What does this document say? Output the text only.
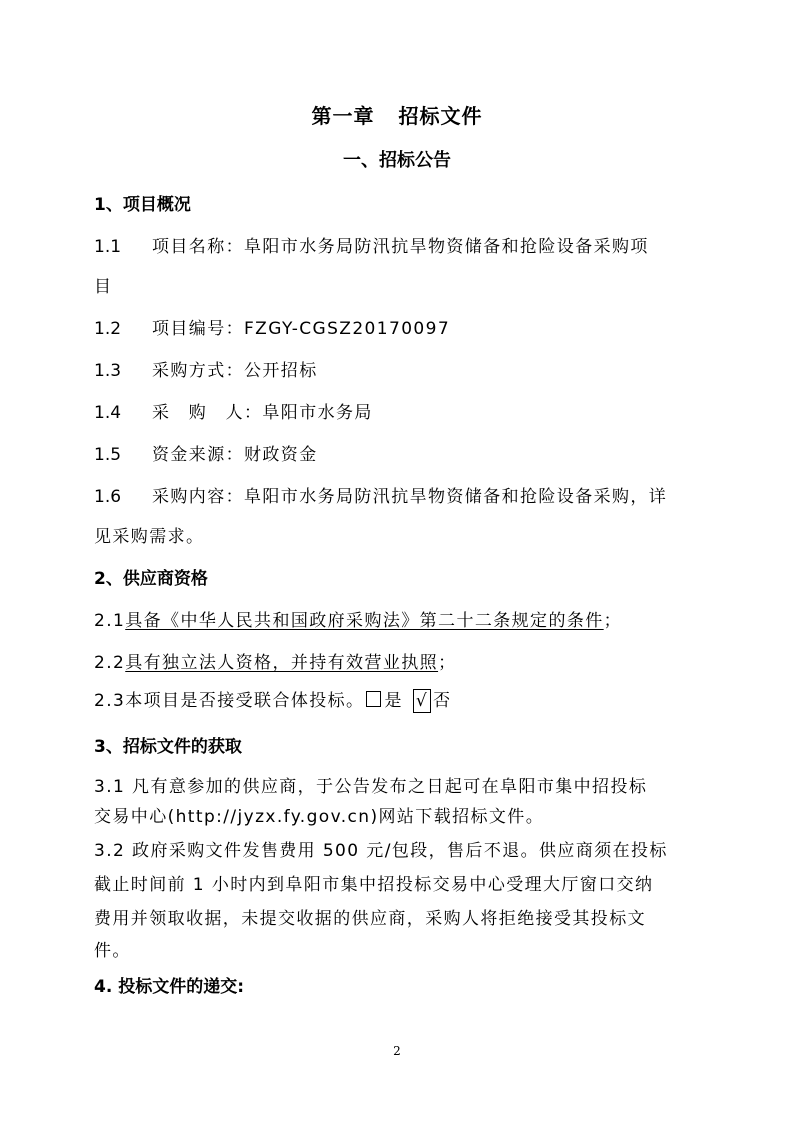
第一章 招标文件
一、招标公告
1、项目概况
1.1 项目名称：阜阳市水务局防汛抗旱物资储备和抢险设备采购项
目
1.2 项目编号：FZGY-CGSZ20170097
1.3 采购方式：公开招标
1.4 采　购　人：阜阳市水务局
1.5 资金来源：财政资金
1.6 采购内容：阜阳市水务局防汛抗旱物资储备和抢险设备采购，详
见采购需求。
2、供应商资格
2.1具备《中华人民共和国政府采购法》第二十二条规定的条件；
2.2具有独立法人资格，并持有效营业执照；
2.3本项目是否接受联合体投标。 是 √ 否
3、招标文件的获取
3.1 凡有意参加的供应商，于公告发布之日起可在阜阳市集中招投标
交易中心(http://jyzx.fy.gov.cn)网站下载招标文件。
3.2 政府采购文件发售费用 500 元/包段，售后不退。供应商须在投标
截止时间前 1 小时内到阜阳市集中招投标交易中心受理大厅窗口交纳
费用并领取收据，未提交收据的供应商，采购人将拒绝接受其投标文
件。
4. 投标文件的递交:
2
